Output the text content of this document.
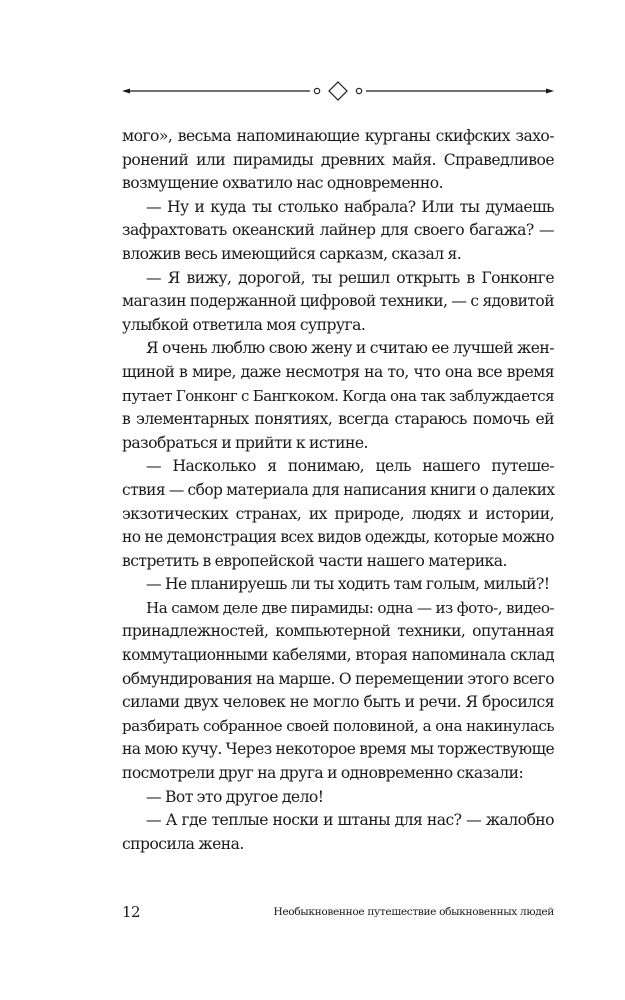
мого», весьма напоминающие курганы скифских захо-
ронений или пирамиды древних майя. Справедливое
возмущение охватило нас одновременно.
— Ну и куда ты столько набрала? Или ты думаешь
зафрахтовать океанский лайнер для своего багажа? —
вложив весь имеющийся сарказм, сказал я.
— Я вижу, дорогой, ты решил открыть в Гонконге
магазин подержанной цифровой техники, — с ядовитой
улыбкой ответила моя супруга.
Я очень люблю свою жену и считаю ее лучшей жен-
щиной в мире, даже несмотря на то, что она все время
путает Гонконг с Бангкоком. Когда она так заблуждается
в элементарных понятиях, всегда стараюсь помочь ей
разобраться и прийти к истине.
— Насколько я понимаю, цель нашего путеше-
ствия — сбор материала для написания книги о далеких
экзотических странах, их природе, людях и истории,
но не демонстрация всех видов одежды, которые можно
встретить в европейской части нашего материка.
— Не планируешь ли ты ходить там голым, милый?!
На самом деле две пирамиды: одна — из фото-, видео-
принадлежностей, компьютерной техники, опутанная
коммутационными кабелями, вторая напоминала склад
обмундирования на марше. О перемещении этого всего
силами двух человек не могло быть и речи. Я бросился
разбирать собранное своей половиной, а она накинулась
на мою кучу. Через некоторое время мы торжествующе
посмотрели друг на друга и одновременно сказали:
— Вот это другое дело!
— А где теплые носки и штаны для нас? — жалобно
спросила жена.
12	Необыкновенное путешествие обыкновенных людей
